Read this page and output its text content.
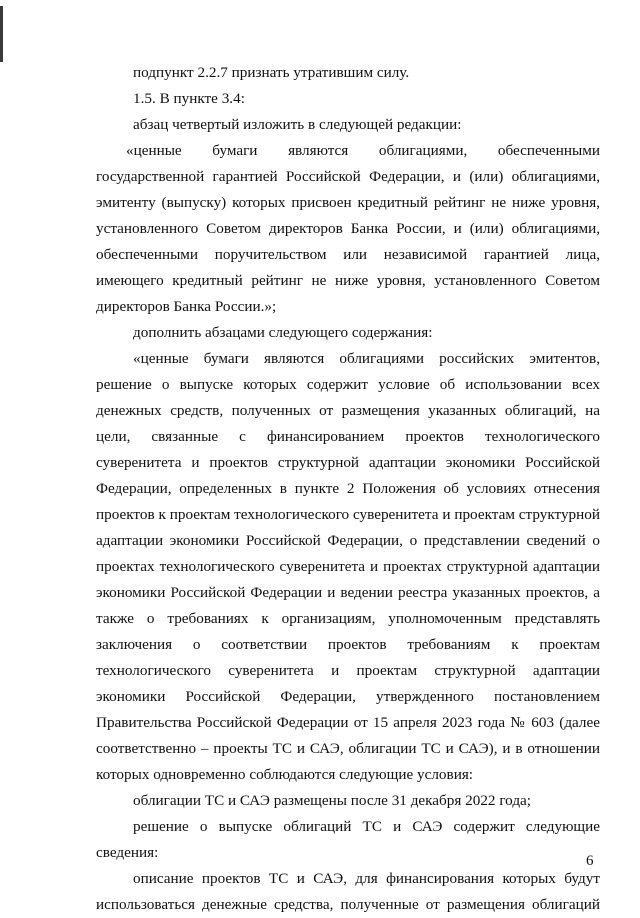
подпункт 2.2.7 признать утратившим силу.

1.5. В пункте 3.4:

абзац четвертый изложить в следующей редакции:

«ценные бумаги являются облигациями, обеспеченными государственной гарантией Российской Федерации, и (или) облигациями, эмитенту (выпуску) которых присвоен кредитный рейтинг не ниже уровня, установленного Советом директоров Банка России, и (или) облигациями, обеспеченными поручительством или независимой гарантией лица, имеющего кредитный рейтинг не ниже уровня, установленного Советом директоров Банка России.»;

дополнить абзацами следующего содержания:

«ценные бумаги являются облигациями российских эмитентов, решение о выпуске которых содержит условие об использовании всех денежных средств, полученных от размещения указанных облигаций, на цели, связанные с финансированием проектов технологического суверенитета и проектов структурной адаптации экономики Российской Федерации, определенных в пункте 2 Положения об условиях отнесения проектов к проектам технологического суверенитета и проектам структурной адаптации экономики Российской Федерации, о представлении сведений о проектах технологического суверенитета и проектах структурной адаптации экономики Российской Федерации и ведении реестра указанных проектов, а также о требованиях к организациям, уполномоченным представлять заключения о соответствии проектов требованиям к проектам технологического суверенитета и проектам структурной адаптации экономики Российской Федерации, утвержденного постановлением Правительства Российской Федерации от 15 апреля 2023 года № 603 (далее соответственно – проекты ТС и САЭ, облигации ТС и САЭ), и в отношении которых одновременно соблюдаются следующие условия:

облигации ТС и САЭ размещены после 31 декабря 2022 года;

решение о выпуске облигаций ТС и САЭ содержит следующие сведения:

описание проектов ТС и САЭ, для финансирования которых будут использоваться денежные средства, полученные от размещения облигаций

6
